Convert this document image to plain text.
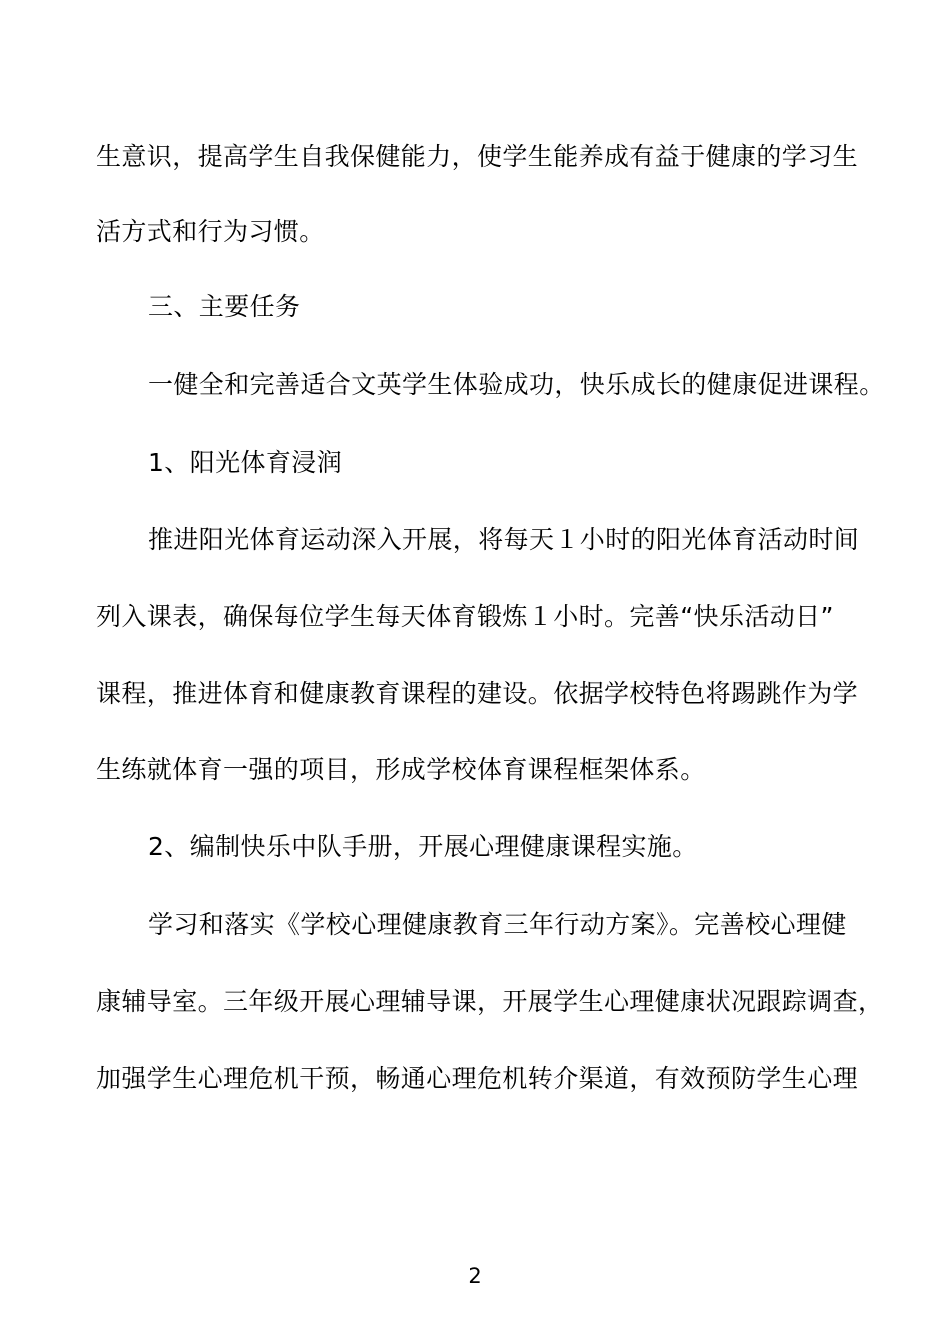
生意识，提高学生自我保健能力，使学生能养成有益于健康的学习生
活方式和行为习惯。
三、主要任务
一健全和完善适合文英学生体验成功，快乐成长的健康促进课程。
1、阳光体育浸润
推进阳光体育运动深入开展，将每天１小时的阳光体育活动时间
列入课表，确保每位学生每天体育锻炼１小时。完善“快乐活动日”
课程，推进体育和健康教育课程的建设。依据学校特色将踢跳作为学
生练就体育一强的项目，形成学校体育课程框架体系。
2、编制快乐中队手册，开展心理健康课程实施。
学习和落实《学校心理健康教育三年行动方案》。完善校心理健
康辅导室。三年级开展心理辅导课，开展学生心理健康状况跟踪调查，
加强学生心理危机干预，畅通心理危机转介渠道，有效预防学生心理
2
